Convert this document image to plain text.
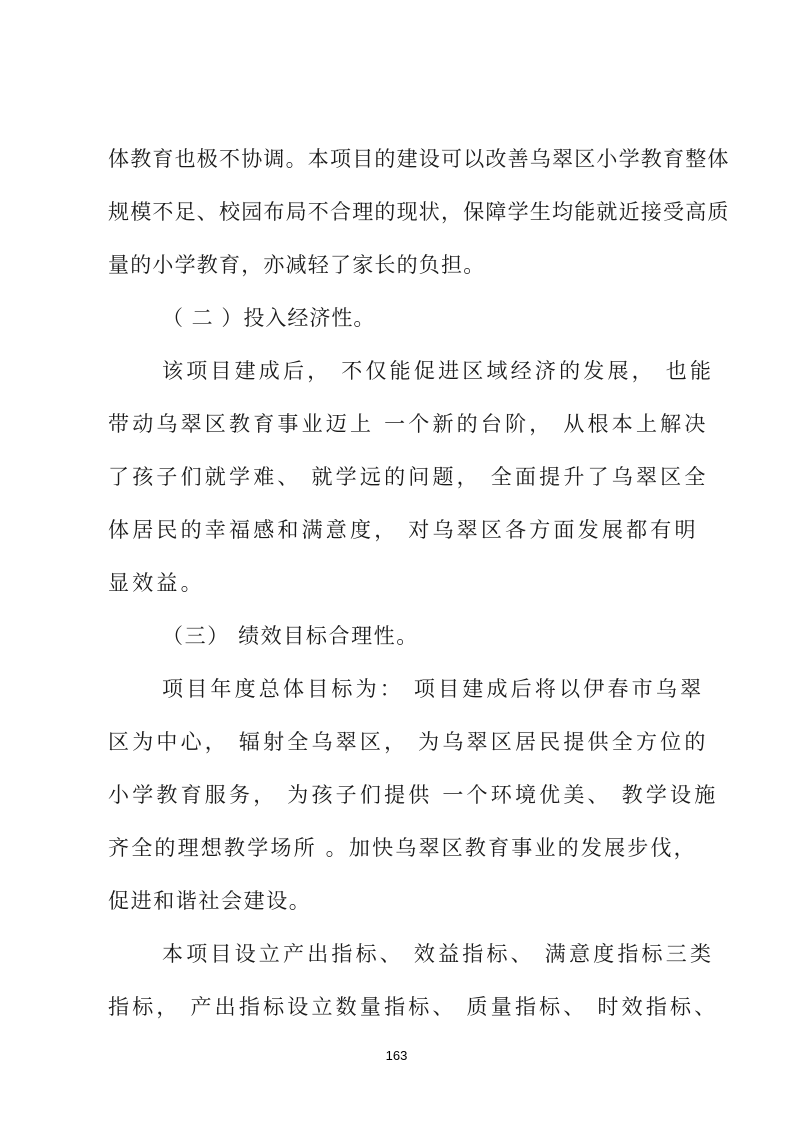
体教育也极不协调。本项目的建设可以改善乌翠区小学教育整体
规模不足、校园布局不合理的现状，保障学生均能就近接受高质
量的小学教育，亦减轻了家长的负担。
（ 二 ）投入经济性。
该项目建成后， 不仅能促进区域经济的发展， 也能
带动乌翠区教育事业迈上 一个新的台阶， 从根本上解决
了孩子们就学难、 就学远的问题， 全面提升了乌翠区全
体居民的幸福感和满意度， 对乌翠区各方面发展都有明
显效益。
（三） 绩效目标合理性。
项目年度总体目标为： 项目建成后将以伊春市乌翠
区为中心， 辐射全乌翠区， 为乌翠区居民提供全方位的
小学教育服务， 为孩子们提供 一个环境优美、 教学设施
齐全的理想教学场所 。加快乌翠区教育事业的发展步伐，
促进和谐社会建设。
本项目设立产出指标、 效益指标、 满意度指标三类
指标， 产出指标设立数量指标、 质量指标、 时效指标、
163
